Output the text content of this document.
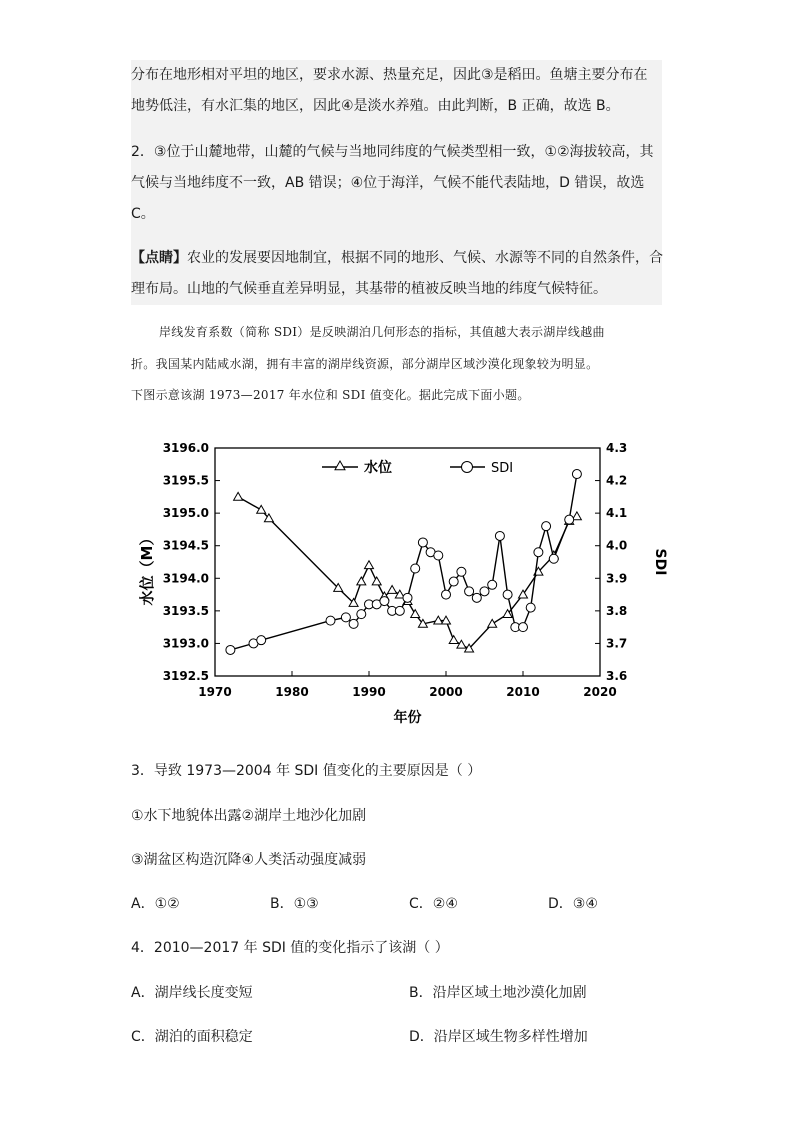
分布在地形相对平坦的地区，要求水源、热量充足，因此③是稻田。鱼塘主要分布在
地势低洼，有水汇集的地区，因此④是淡水养殖。由此判断，B 正确，故选 B。
2．③位于山麓地带，山麓的气候与当地同纬度的气候类型相一致，①②海拔较高，其
气候与当地纬度不一致，AB 错误；④位于海洋，气候不能代表陆地，D 错误，故选
C。
【点睛】农业的发展要因地制宜，根据不同的地形、气候、水源等不同的自然条件，合
理布局。山地的气候垂直差异明显，其基带的植被反映当地的纬度气候特征。
岸线发育系数（简称 SDI）是反映湖泊几何形态的指标，其值越大表示湖岸线越曲
折。我国某内陆咸水湖，拥有丰富的湖岸线资源，部分湖岸区域沙漠化现象较为明显。
下图示意该湖 1973—2017 年水位和 SDI 值变化。据此完成下面小题。
1970	1980	1990	2000	2010	2020
3192.5
3193.0
3193.5
3194.0
3194.5
3195.0
3195.5
3196.0
3.6
3.7
3.8
3.9
4.0
4.1
4.2
4.3
年份
水位（M）	SDI
水位	SDI
3．导致 1973—2004 年 SDI 值变化的主要原因是（ ）
①水下地貌体出露②湖岸土地沙化加剧
③湖盆区构造沉降④人类活动强度减弱
A．①②	B．①③	C．②④	D．③④
4．2010—2017 年 SDI 值的变化指示了该湖（ ）
A．湖岸线长度变短	B．沿岸区域土地沙漠化加剧
C．湖泊的面积稳定	D．沿岸区域生物多样性增加
